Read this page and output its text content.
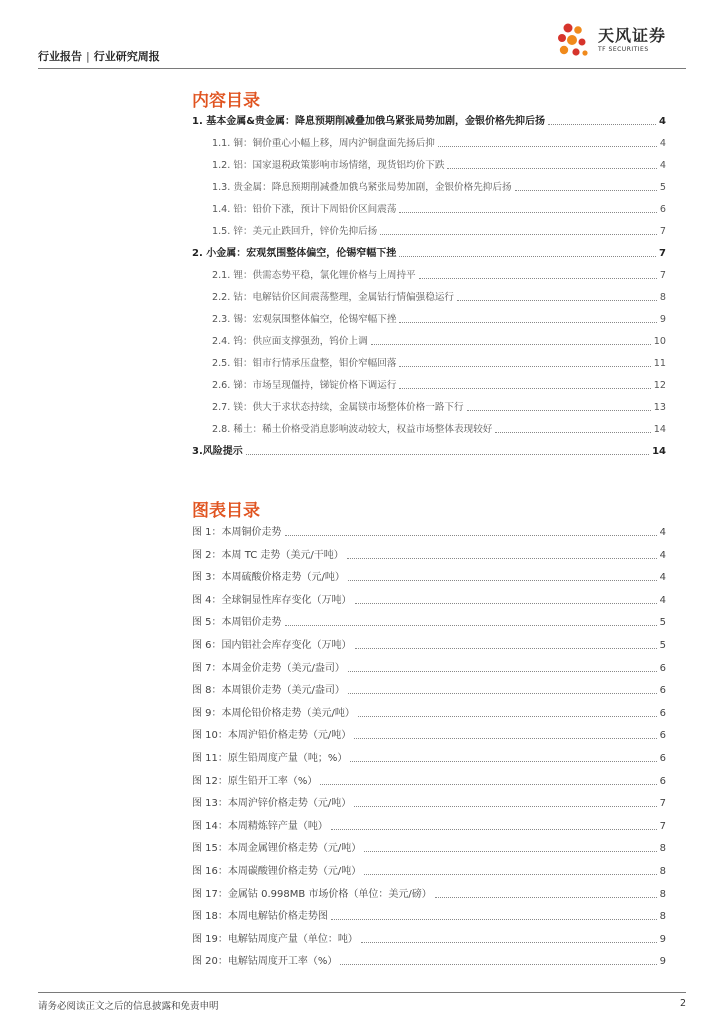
行业报告 | 行业研究周报
天风证券
TF SECURITIES
内容目录
1. 基本金属&贵金属：降息预期削减叠加俄乌紧张局势加剧，金银价格先抑后扬	4
1.1. 铜：铜价重心小幅上移，周内沪铜盘面先扬后抑	4
1.2. 铝：国家退税政策影响市场情绪，现货铝均价下跌	4
1.3. 贵金属：降息预期削减叠加俄乌紧张局势加剧，金银价格先抑后扬	5
1.4. 铅：铅价下涨，预计下周铅价区间震荡	6
1.5. 锌：美元止跌回升，锌价先抑后扬	7
2. 小金属：宏观氛围整体偏空，伦锡窄幅下挫	7
2.1. 锂：供需态势平稳，氯化锂价格与上周持平	7
2.2. 钴：电解钴价区间震荡整理，金属钴行情偏强稳运行	8
2.3. 锡：宏观氛围整体偏空，伦锡窄幅下挫	9
2.4. 钨：供应面支撑强劲，钨价上调	10
2.5. 钼：钼市行情承压盘整，钼价窄幅回落	11
2.6. 锑：市场呈现僵持，锑锭价格下调运行	12
2.7. 镁：供大于求状态持续，金属镁市场整体价格一路下行	13
2.8. 稀土：稀土价格受消息影响波动较大，权益市场整体表现较好	14
3.风险提示	14
图表目录
图 1：本周铜价走势	4
图 2：本周 TC 走势（美元/干吨）	4
图 3：本周硫酸价格走势（元/吨）	4
图 4：全球铜显性库存变化（万吨）	4
图 5：本周铝价走势	5
图 6：国内铝社会库存变化（万吨）	5
图 7：本周金价走势（美元/盎司）	6
图 8：本周银价走势（美元/盎司）	6
图 9：本周伦铅价格走势（美元/吨）	6
图 10：本周沪铅价格走势（元/吨）	6
图 11：原生铅周度产量（吨；%）	6
图 12：原生铅开工率（%）	6
图 13：本周沪锌价格走势（元/吨）	7
图 14：本周精炼锌产量（吨）	7
图 15：本周金属锂价格走势（元/吨）	8
图 16：本周碳酸锂价格走势（元/吨）	8
图 17：金属钴 0.998MB 市场价格（单位：美元/磅）	8
图 18：本周电解钴价格走势图	8
图 19：电解钴周度产量（单位：吨）	9
图 20：电解钴周度开工率（%）	9
请务必阅读正文之后的信息披露和免责申明	2
